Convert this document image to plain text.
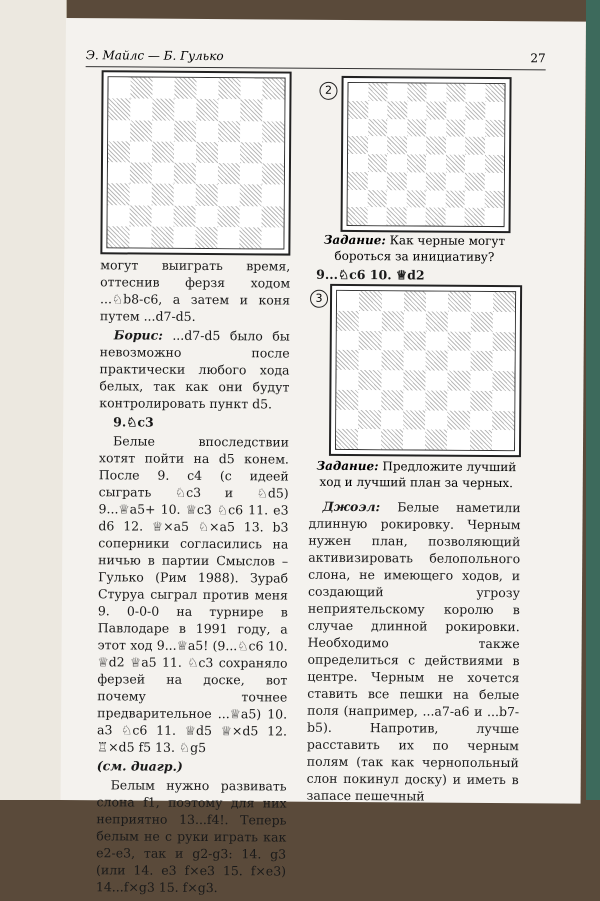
Э. Майлс — Б. Гулько	27

могут выиграть время, оттеснив ферзя ходом ...♘b8-c6, а затем и коня путем ...d7-d5.

Борис: ...d7-d5 было бы невозможно после практически любого хода белых, так как они будут контролировать пункт d5.

9.♘c3

Белые впоследствии хотят пойти на d5 конем. После 9. c4 (с идеей сыграть ♘c3 и ♘d5) 9...♕a5+ 10. ♕c3 ♘c6 11. e3 d6 12. ♕×a5 ♘×a5 13. b3 соперники согласились на ничью в партии Смыслов – Гулько (Рим 1988). Зураб Стуруа сыграл против меня 9. 0-0-0 на турнире в Павлодаре в 1991 году, а этот ход 9...♕a5! (9...♘c6 10. ♕d2 ♕a5 11. ♘c3 сохраняло ферзей на доске, вот почему точнее предварительное ...♕a5) 10. a3 ♘c6 11. ♕d5 ♕×d5 12. ♖×d5 f5 13. ♘g5

(см. диагр.)

Белым нужно развивать слона f1, поэтому для них неприятно 13...f4!. Теперь белым не с руки играть как e2-e3, так и g2-g3: 14. g3 (или 14. e3 f×e3 15. f×e3) 14...f×g3 15. f×g3.

2
Задание: Как черные могут бороться за инициативу?
9...♘c6 10. ♕d2
3
Задание: Предложите лучший ход и лучший план за черных.

Джоэл: Белые наметили длинную рокировку. Черным нужен план, позволяющий активизировать белопольного слона, не имеющего ходов, и создающий угрозу неприятельскому королю в случае длинной рокировки. Необходимо также определиться с действиями в центре. Черным не хочется ставить все пешки на белые поля (например, ...a7-a6 и ...b7-b5). Напротив, лучше расставить их по черным полям (так как чернопольный слон покинул доску) и иметь в запасе пешечный
